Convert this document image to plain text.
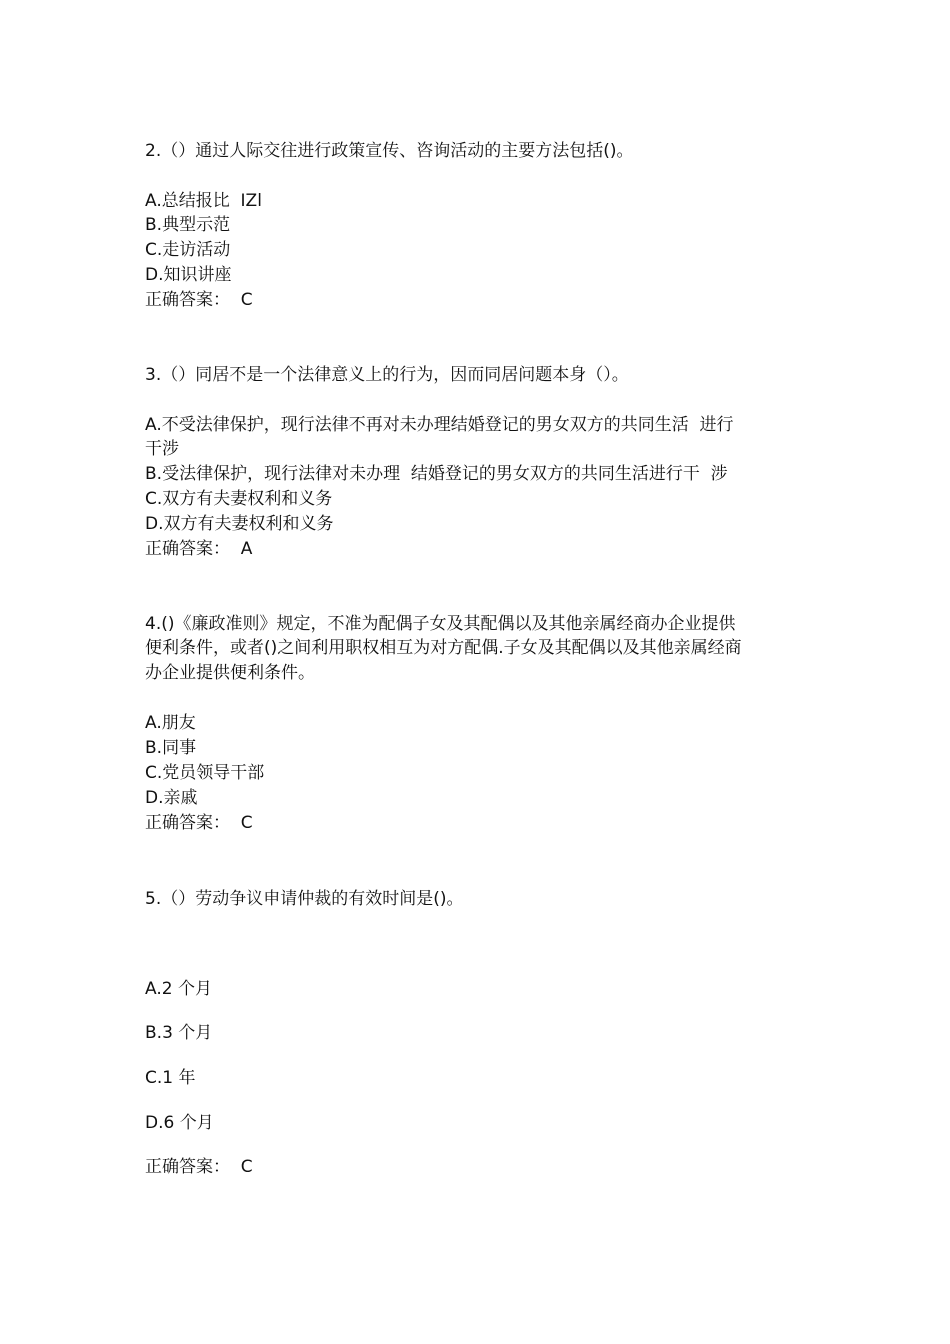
2.（）通过人际交往进行政策宣传、咨询活动的主要方法包括()。
A.总结报比  IZl
B.典型示范
C.走访活动
D.知识讲座
正确答案：  C
3.（）同居不是一个法律意义上的行为，因而同居问题本身（）。
A.不受法律保护，现行法律不再对未办理结婚登记的男女双方的共同生活  进行
干涉
B.受法律保护，现行法律对未办理  结婚登记的男女双方的共同生活进行干  涉
C.双方有夫妻权利和义务
D.双方有夫妻权利和义务
正确答案：  A
4.()《廉政准则》规定，不准为配偶子女及其配偶以及其他亲属经商办企业提供
便利条件，或者()之间利用职权相互为对方配偶.子女及其配偶以及其他亲属经商
办企业提供便利条件。
A.朋友
B.同事
C.党员领导干部
D.亲戚
正确答案：  C
5.（）劳动争议申请仲裁的有效时间是()。
A.2 个月
B.3 个月
C.1 年
D.6 个月
正确答案：  C
